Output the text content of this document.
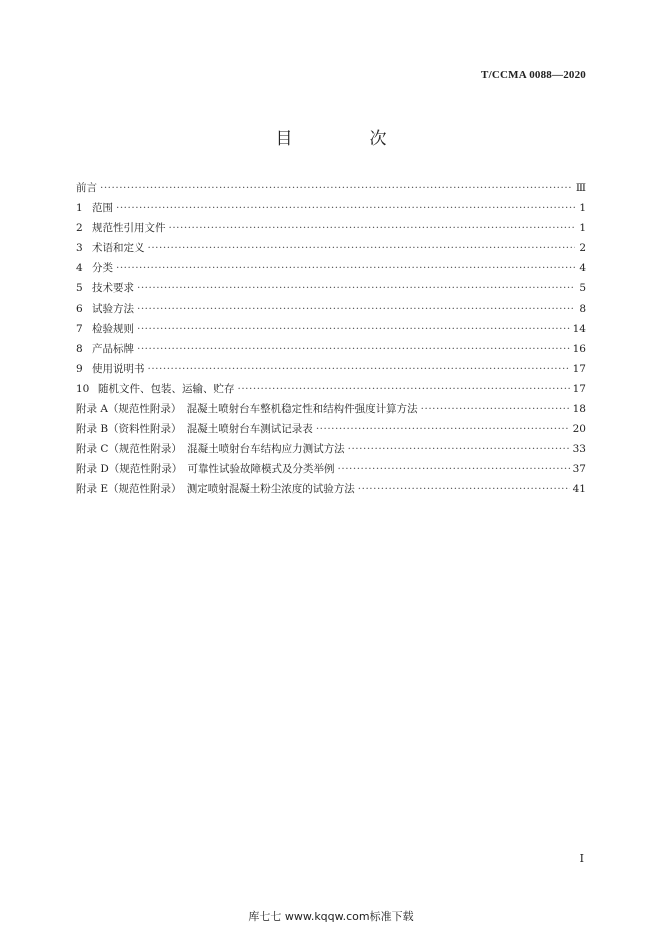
T/CCMA 0088—2020
目　次
前言 ·····	Ⅲ
1 范围 ·····	1
2 规范性引用文件 ·····	1
3 术语和定义 ·····	2
4 分类 ·····	4
5 技术要求 ·····	5
6 试验方法 ·····	8
7 检验规则 ·····	14
8 产品标牌 ·····	16
9 使用说明书 ·····	17
10 随机文件、包装、运输、贮存 ·····	17
附录 A（规范性附录）　混凝土喷射台车整机稳定性和结构件强度计算方法 ·····	18
附录 B（资料性附录）　混凝土喷射台车测试记录表 ·····	20
附录 C（规范性附录）　混凝土喷射台车结构应力测试方法 ·····	33
附录 D（规范性附录）　可靠性试验故障模式及分类举例 ·····	37
附录 E（规范性附录）　测定喷射混凝土粉尘浓度的试验方法 ·····	41
I
库七七 www.kqqw.com标准下载
